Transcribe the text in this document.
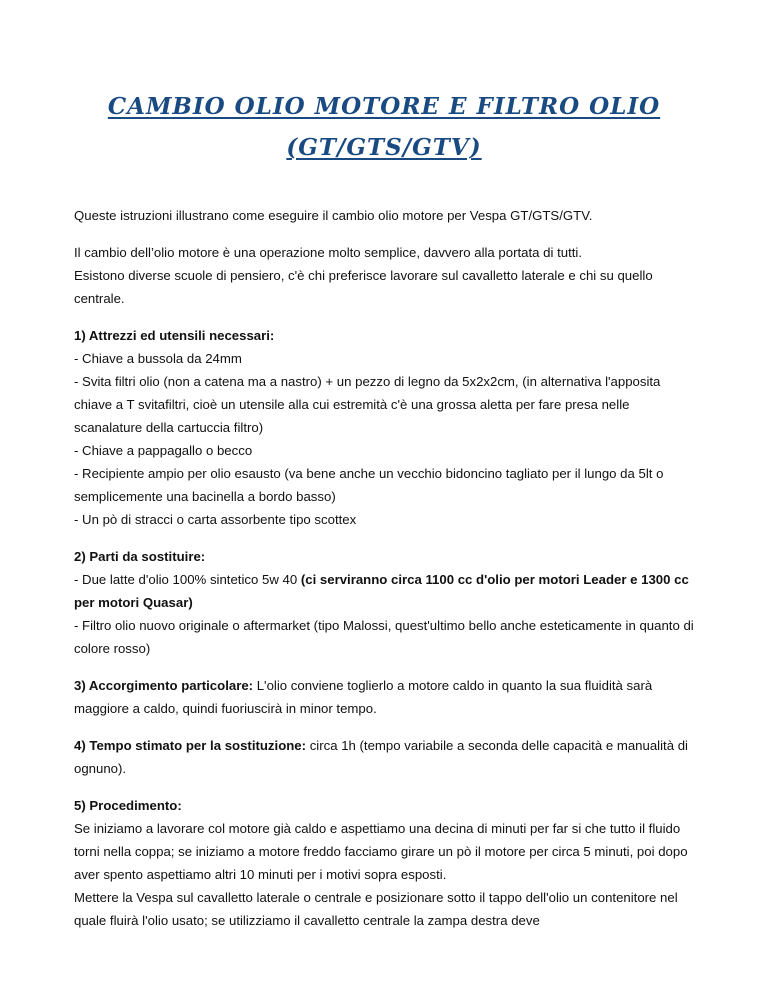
CAMBIO OLIO MOTORE E FILTRO OLIO
(GT/GTS/GTV)

Queste istruzioni illustrano come eseguire il cambio olio motore per Vespa GT/GTS/GTV.

Il cambio dell’olio motore è una operazione molto semplice, davvero alla portata di tutti.
Esistono diverse scuole di pensiero, c'è chi preferisce lavorare sul cavalletto laterale e chi su quello centrale.

1) Attrezzi ed utensili necessari:
- Chiave a bussola da 24mm
- Svita filtri olio (non a catena ma a nastro) + un pezzo di legno da 5x2x2cm, (in alternativa l'apposita chiave a T svitafiltri, cioè un utensile alla cui estremità c'è una grossa aletta per fare presa nelle scanalature della cartuccia filtro)
- Chiave a pappagallo o becco
- Recipiente ampio per olio esausto (va bene anche un vecchio bidoncino tagliato per il lungo da 5lt o semplicemente una bacinella a bordo basso)
- Un pò di stracci o carta assorbente tipo scottex

2) Parti da sostituire:
- Due latte d'olio 100% sintetico 5w 40 (ci serviranno circa 1100 cc d'olio per motori Leader e 1300 cc per motori Quasar)
- Filtro olio nuovo originale o aftermarket (tipo Malossi, quest'ultimo bello anche esteticamente in quanto di colore rosso)

3) Accorgimento particolare: L'olio conviene toglierlo a motore caldo in quanto la sua fluidità sarà maggiore a caldo, quindi fuoriuscirà in minor tempo.

4) Tempo stimato per la sostituzione: circa 1h (tempo variabile a seconda delle capacità e manualità di ognuno).

5) Procedimento:
Se iniziamo a lavorare col motore già caldo e aspettiamo una decina di minuti per far si che tutto il fluido torni nella coppa; se iniziamo a motore freddo facciamo girare un pò il motore per circa 5 minuti, poi dopo aver spento aspettiamo altri 10 minuti per i motivi sopra esposti.
Mettere la Vespa sul cavalletto laterale o centrale e posizionare sotto il tappo dell'olio un contenitore nel quale fluirà l'olio usato; se utilizziamo il cavalletto centrale la zampa destra deve
